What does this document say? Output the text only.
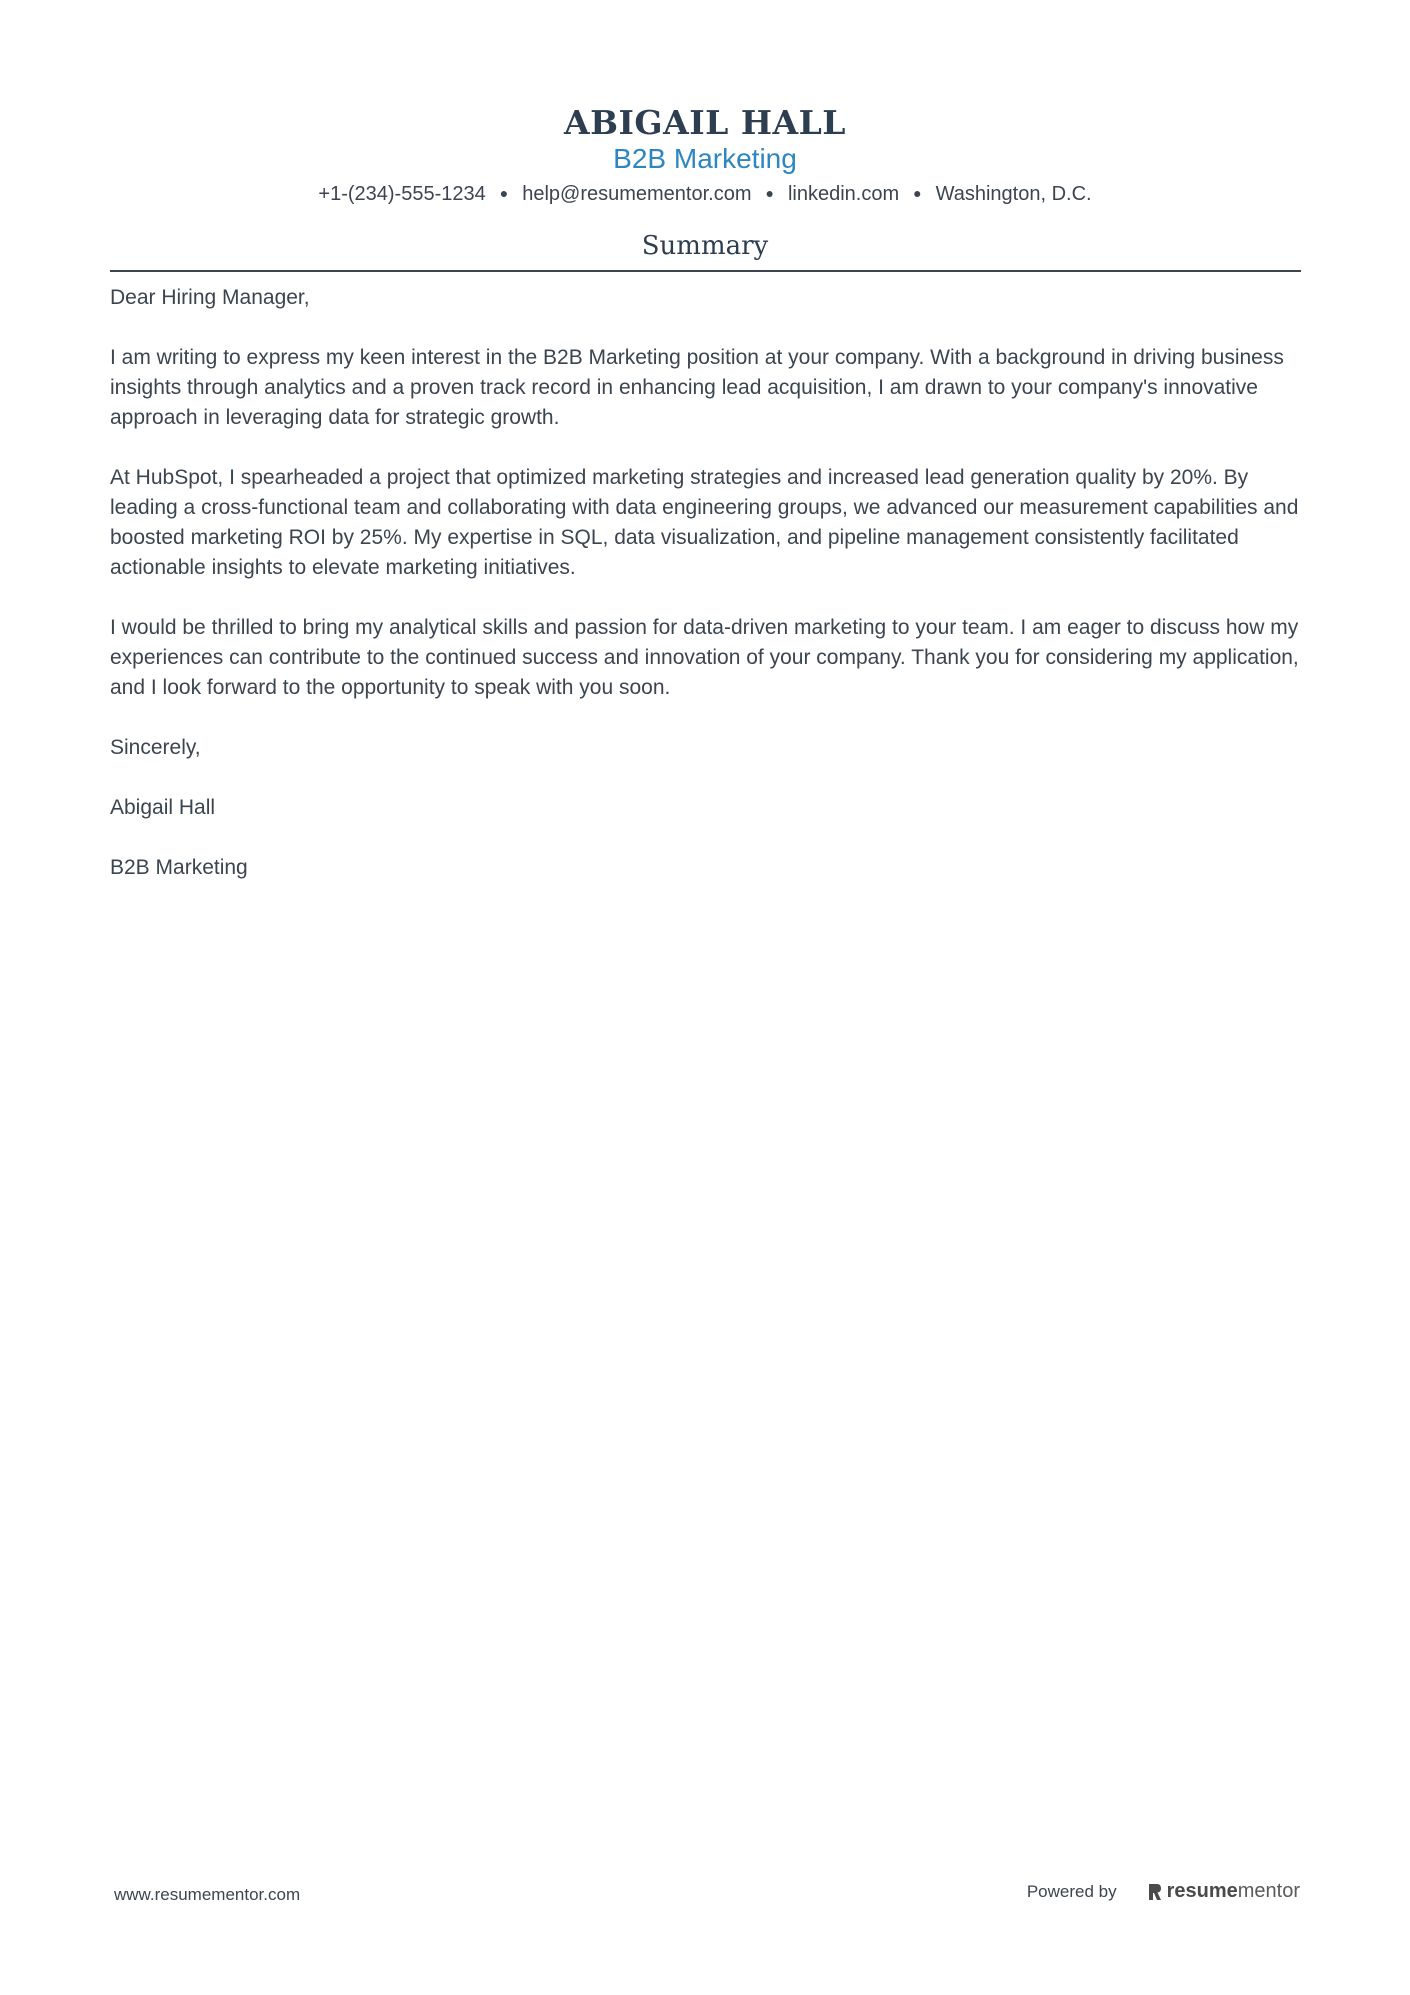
ABIGAIL HALL
B2B Marketing
+1-(234)-555-1234 ● help@resumementor.com ● linkedin.com ● Washington, D.C.
Summary

Dear Hiring Manager,

I am writing to express my keen interest in the B2B Marketing position at your company. With a background in driving business insights through analytics and a proven track record in enhancing lead acquisition, I am drawn to your company's innovative approach in leveraging data for strategic growth.

At HubSpot, I spearheaded a project that optimized marketing strategies and increased lead generation quality by 20%. By leading a cross-functional team and collaborating with data engineering groups, we advanced our measurement capabilities and boosted marketing ROI by 25%. My expertise in SQL, data visualization, and pipeline management consistently facilitated actionable insights to elevate marketing initiatives.

I would be thrilled to bring my analytical skills and passion for data-driven marketing to your team. I am eager to discuss how my experiences can contribute to the continued success and innovation of your company. Thank you for considering my application, and I look forward to the opportunity to speak with you soon.

Sincerely,

Abigail Hall

B2B Marketing

www.resumementor.com	Powered by	resume mentor
